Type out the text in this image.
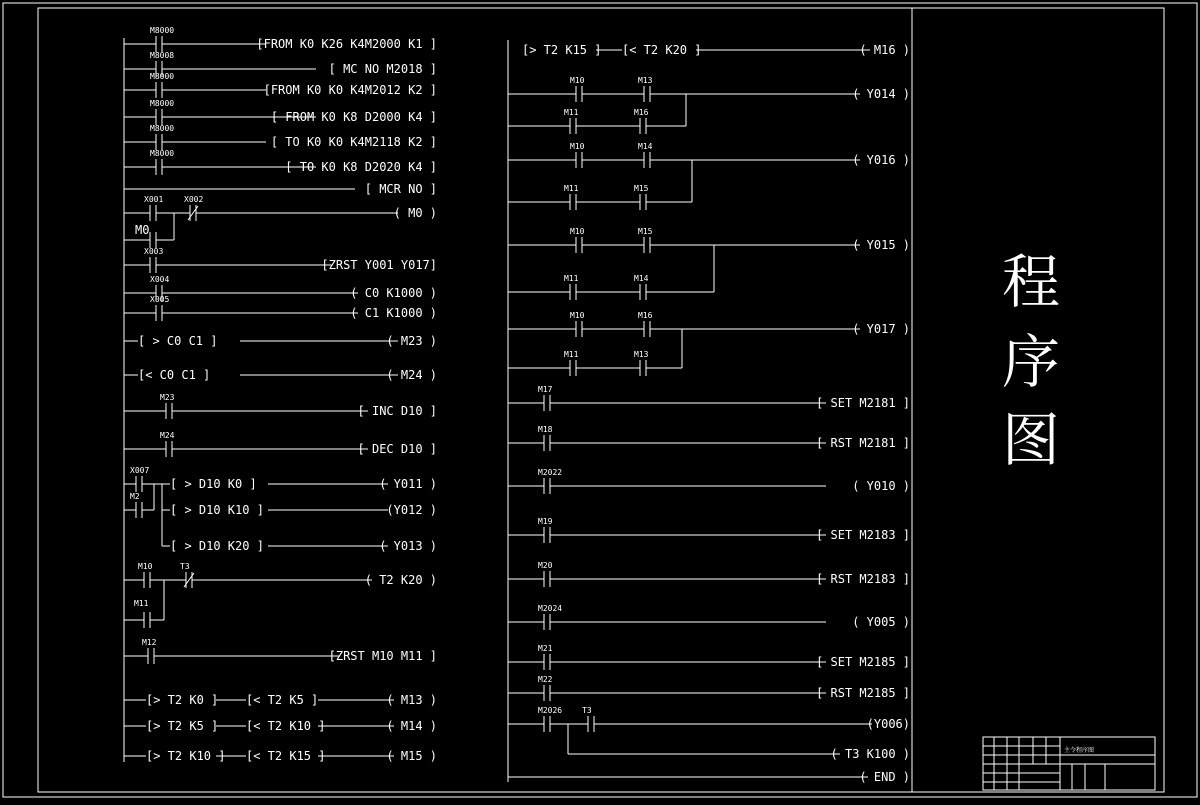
M8000
[FROM K0 K26 K4M2000 K1 ]
M8008
[ MC NO M2018 ]
M8000
[FROM K0 K0 K4M2012 K2 ]
M8000
[ FROM K0 K8 D2000 K4 ]
M8000
[ TO K0 K0 K4M2118 K2 ]
M8000
[ TO K0 K8 D2020 K4 ]
[ MCR NO ]
X001	X002
M0
( M0 )
X003
[ZRST Y001 Y017]
X004
( C0 K1000 )
X005
( C1 K1000 )
[ > C0 C1 ]	( M23 )
[< C0 C1 ]	( M24 )
M23
[ INC D10 ]
M24
[ DEC D10 ]
X007
M2
[ > D10 K0 ]	( Y011 )
[ > D10 K10 ]	(Y012 )
[ > D10 K20 ]	( Y013 )
M10	T3
M11
( T2 K20 )
M12
[ZRST M10 M11 ]
[> T2 K0 ] [< T2 K5 ]	( M13 )
[> T2 K5 ] [< T2 K10 ]	( M14 )
[> T2 K10 ] [< T2 K15 ]	( M15 )
[> T2 K15 ] [< T2 K20 ]	( M16 )
M10	M13
M11	M16
( Y014 )
M10	M14
M11	M15
( Y016 )
M10	M15
M11	M14
( Y015 )
M10	M16
M11	M13
( Y017 )
M17
[ SET M2181 ]
M18
[ RST M2181 ]
M2022
( Y010 )
M19
[ SET M2183 ]
M20
[ RST M2183 ]
M2024
( Y005 )
M21
[ SET M2185 ]
M22
[ RST M2185 ]
M2026 T3
(Y006)
( T3 K100 )
( END )
程
序
图
主令程序图
